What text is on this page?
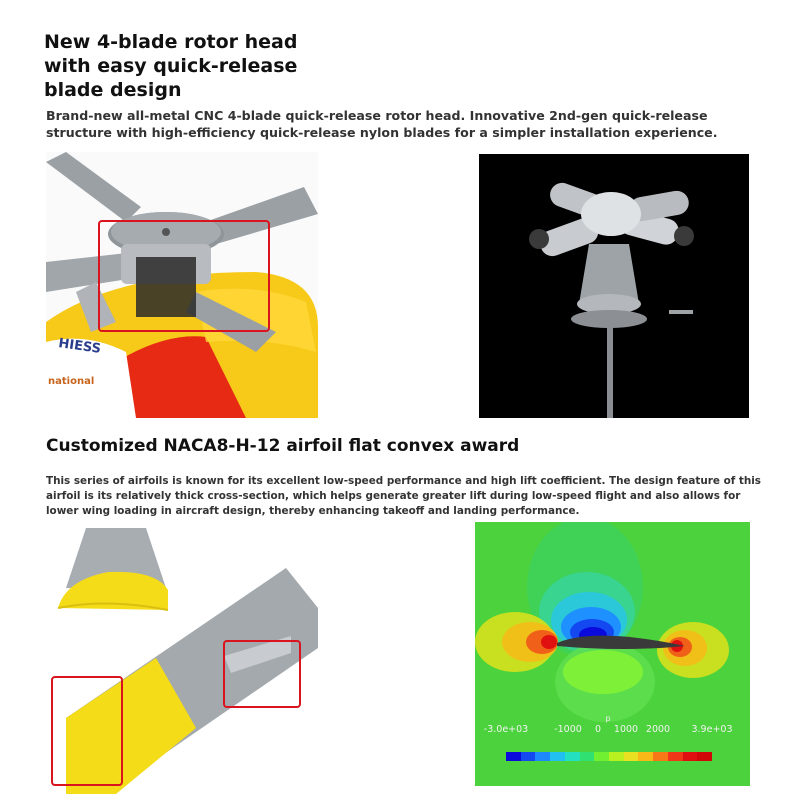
New 4-blade rotor head
with easy quick-release
blade design
Brand-new all-metal CNC 4-blade quick-release rotor head. Innovative 2nd-gen quick-release structure with high-efficiency quick-release nylon blades for a simpler installation experience.
HIESS
national
Customized NACA8-H-12 airfoil flat convex award
This series of airfoils is known for its excellent low-speed performance and high lift coefficient. The design feature of this airfoil is its relatively thick cross-section, which helps generate greater lift during low-speed flight and also allows for lower wing loading in aircraft design, thereby enhancing takeoff and landing performance.
p
-3.0e+03	-1000 0 1000 2000 3.9e+03
